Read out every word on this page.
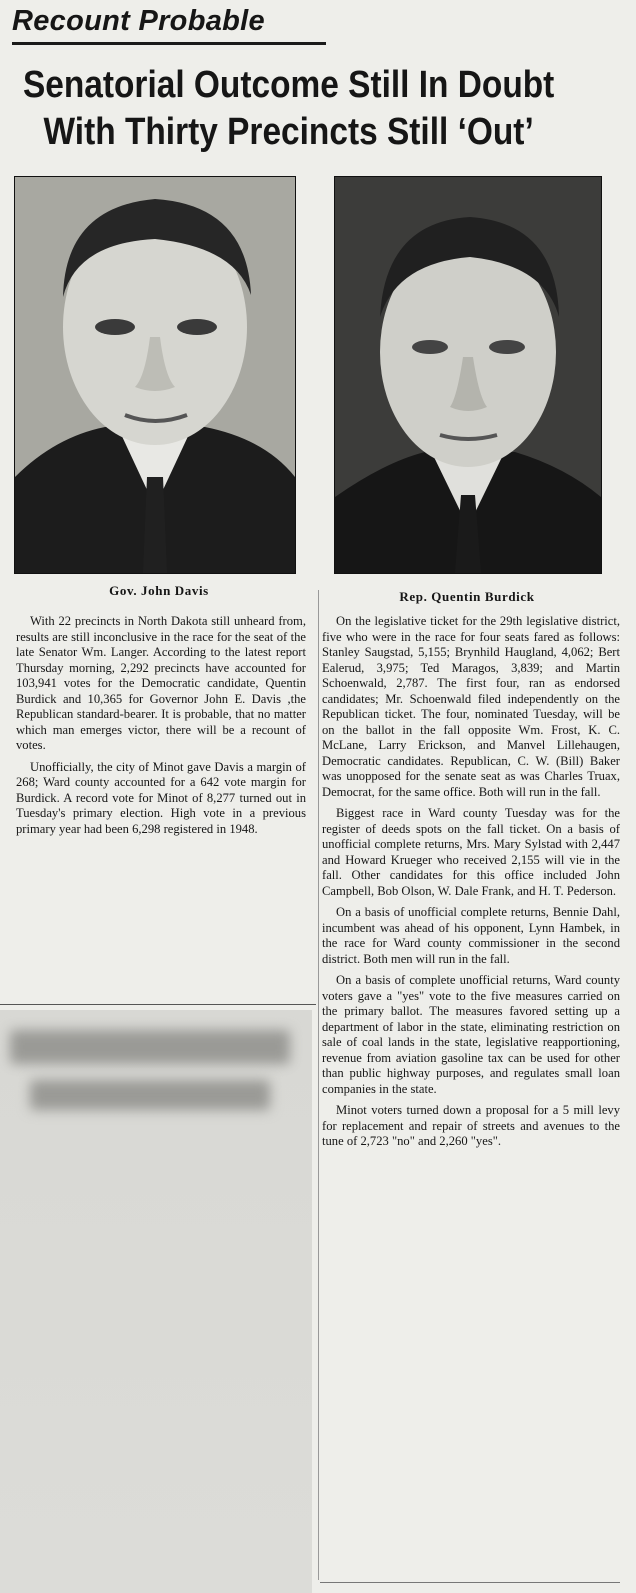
Recount Probable
Senatorial Outcome Still In Doubt
With Thirty Precincts Still ‘Out’
Gov. John Davis	Rep. Quentin Burdick

With 22 precincts in North Dakota still unheard from, results are still inconclusive in the race for the seat of the late Senator Wm. Langer. According to the latest report Thursday morning, 2,292 precincts have accounted for 103,941 votes for the Democratic candidate, Quentin Burdick and 10,365 for Governor John E. Davis ,the Republican standard-bearer. It is probable, that no matter which man emerges victor, there will be a recount of votes.

Unofficially, the city of Minot gave Davis a margin of 268; Ward county accounted for a 642 vote margin for Burdick. A record vote for Minot of 8,277 turned out in Tuesday's primary election. High vote in a previous primary year had been 6,298 registered in 1948.

On the legislative ticket for the 29th legislative district, five who were in the race for four seats fared as follows: Stanley Saugstad, 5,155; Brynhild Haugland, 4,062; Bert Ealerud, 3,975; Ted Maragos, 3,839; and Martin Schoenwald, 2,787. The first four, ran as endorsed candidates; Mr. Schoenwald filed independently on the Republican ticket. The four, nominated Tuesday, will be on the ballot in the fall opposite Wm. Frost, K. C. McLane, Larry Erickson, and Manvel Lillehaugen, Democratic candidates. Republican, C. W. (Bill) Baker was unopposed for the senate seat as was Charles Truax, Democrat, for the same office. Both will run in the fall.

Biggest race in Ward county Tuesday was for the register of deeds spots on the fall ticket. On a basis of unofficial complete returns, Mrs. Mary Sylstad with 2,447 and Howard Krueger who received 2,155 will vie in the fall. Other candidates for this office included John Campbell, Bob Olson, W. Dale Frank, and H. T. Pederson.

On a basis of unofficial complete returns, Bennie Dahl, incumbent was ahead of his opponent, Lynn Hambek, in the race for Ward county commissioner in the second district. Both men will run in the fall.

On a basis of complete unofficial returns, Ward county voters gave a "yes" vote to the five measures carried on the primary ballot. The measures favored setting up a department of labor in the state, eliminating restriction on sale of coal lands in the state, legislative reapportioning, revenue from aviation gasoline tax can be used for other than public highway purposes, and regulates small loan companies in the state.

Minot voters turned down a proposal for a 5 mill levy for replacement and repair of streets and avenues to the tune of 2,723 "no" and 2,260 "yes".
